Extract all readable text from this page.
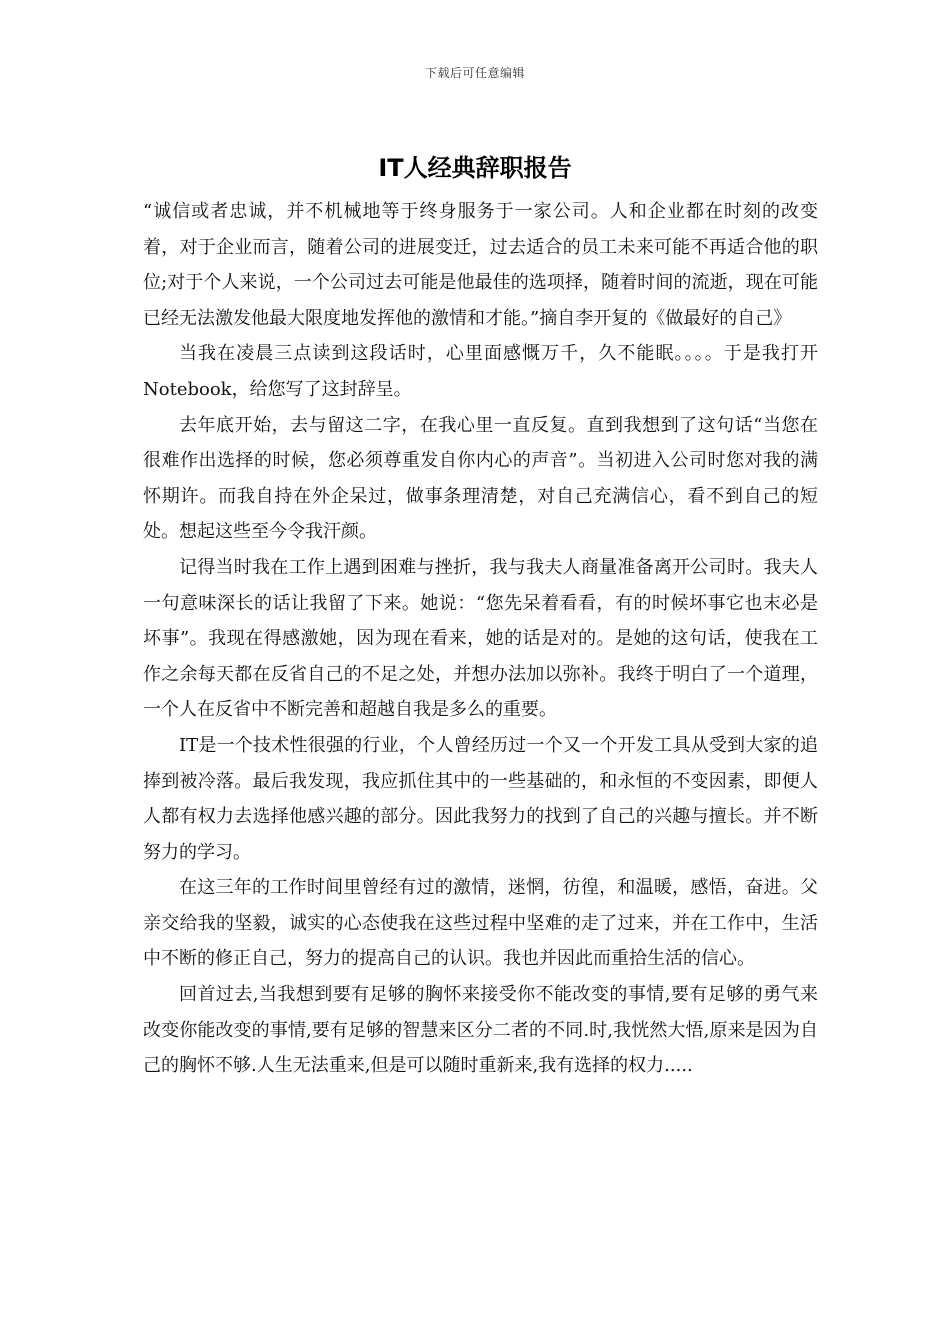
下载后可任意编辑
IT人经典辞职报告

“诚信或者忠诚，并不机械地等于终身服务于一家公司。人和企业都在时刻的改变着，对于企业而言，随着公司的进展变迁，过去适合的员工未来可能不再适合他的职位;对于个人来说，一个公司过去可能是他最佳的选项择，随着时间的流逝，现在可能已经无法激发他最大限度地发挥他的激情和才能。”摘自李开复的《做最好的自己》

当我在凌晨三点读到这段话时，心里面感慨万千，久不能眠。。。。于是我打开Notebook，给您写了这封辞呈。

去年底开始，去与留这二字，在我心里一直反复。直到我想到了这句话“当您在很难作出选择的时候，您必须尊重发自你内心的声音”。当初进入公司时您对我的满怀期许。而我自持在外企呆过，做事条理清楚，对自己充满信心，看不到自己的短处。想起这些至今令我汗颜。

记得当时我在工作上遇到困难与挫折，我与我夫人商量准备离开公司时。我夫人一句意味深长的话让我留了下来。她说：“您先呆着看看，有的时候坏事它也末必是坏事”。我现在得感激她，因为现在看来，她的话是对的。是她的这句话，使我在工作之余每天都在反省自己的不足之处，并想办法加以弥补。我终于明白了一个道理，一个人在反省中不断完善和超越自我是多么的重要。

IT是一个技术性很强的行业，个人曾经历过一个又一个开发工具从受到大家的追捧到被冷落。最后我发现，我应抓住其中的一些基础的，和永恒的不变因素，即便人人都有权力去选择他感兴趣的部分。因此我努力的找到了自己的兴趣与擅长。并不断努力的学习。

在这三年的工作时间里曾经有过的激情，迷惘，彷徨，和温暖，感悟，奋进。父亲交给我的坚毅，诚实的心态使我在这些过程中坚难的走了过来，并在工作中，生活中不断的修正自己，努力的提高自己的认识。我也并因此而重拾生活的信心。

回首过去,当我想到要有足够的胸怀来接受你不能改变的事情,要有足够的勇气来改变你能改变的事情,要有足够的智慧来区分二者的不同.时,我恍然大悟,原来是因为自己的胸怀不够.人生无法重来,但是可以随时重新来,我有选择的权力.....
